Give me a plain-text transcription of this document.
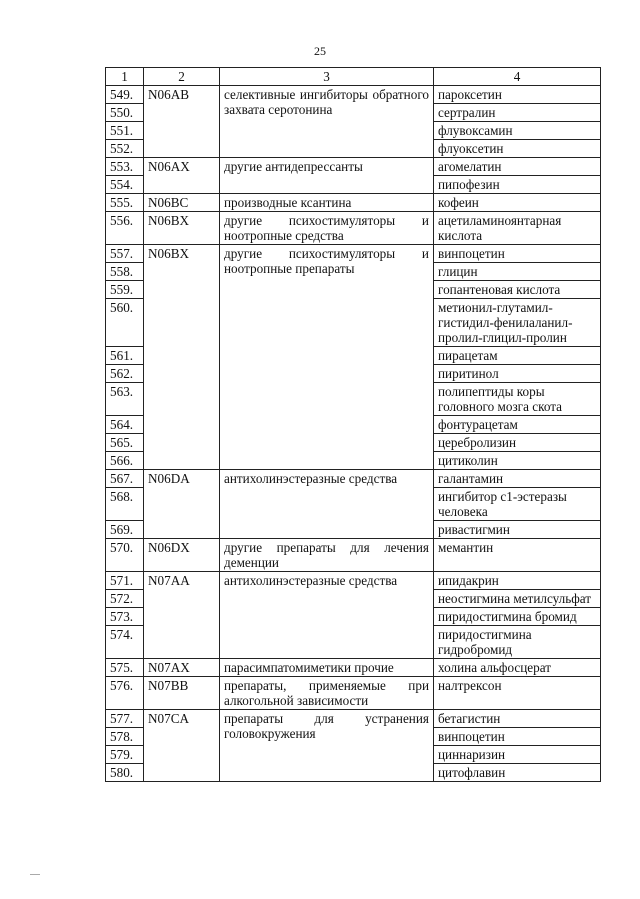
25
1	2	3	4
549.	N06AB	селективные ингибиторы обратного захвата серотонина	пароксетин
550.			сертралин
551.			флувоксамин
552.			флуоксетин
553.	N06AX	другие антидепрессанты	агомелатин
554.			пипофезин
555.	N06BC	производные ксантина	кофеин
556.	N06BX	другие психостимуляторы и ноотропные средства	ацетиламиноянтарная кислота
557.	N06BX	другие психостимуляторы и ноотропные препараты	винпоцетин
558.			глицин
559.			гопантеновая кислота
560.			метионил-глутамил-гистидил-фенилаланил-пролил-глицил-пролин
561.			пирацетам
562.			пиритинол
563.			полипептиды коры головного мозга скота
564.			фонтурацетам
565.			церебролизин
566.			цитиколин
567.	N06DA	антихолинэстеразные средства	галантамин
568.			ингибитор с1-эстеразы человека
569.			ривастигмин
570.	N06DX	другие препараты для лечения деменции	мемантин
571.	N07AA	антихолинэстеразные средства	ипидакрин
572.			неостигмина метилсульфат
573.			пиридостигмина бромид
574.			пиридостигмина гидробромид
575.	N07AX	парасимпатомиметики прочие	холина альфосцерат
576.	N07BB	препараты, применяемые при алкогольной зависимости	налтрексон
577.	N07CA	препараты для устранения головокружения	бетагистин
578.			винпоцетин
579.			циннаризин
580.			цитофлавин
